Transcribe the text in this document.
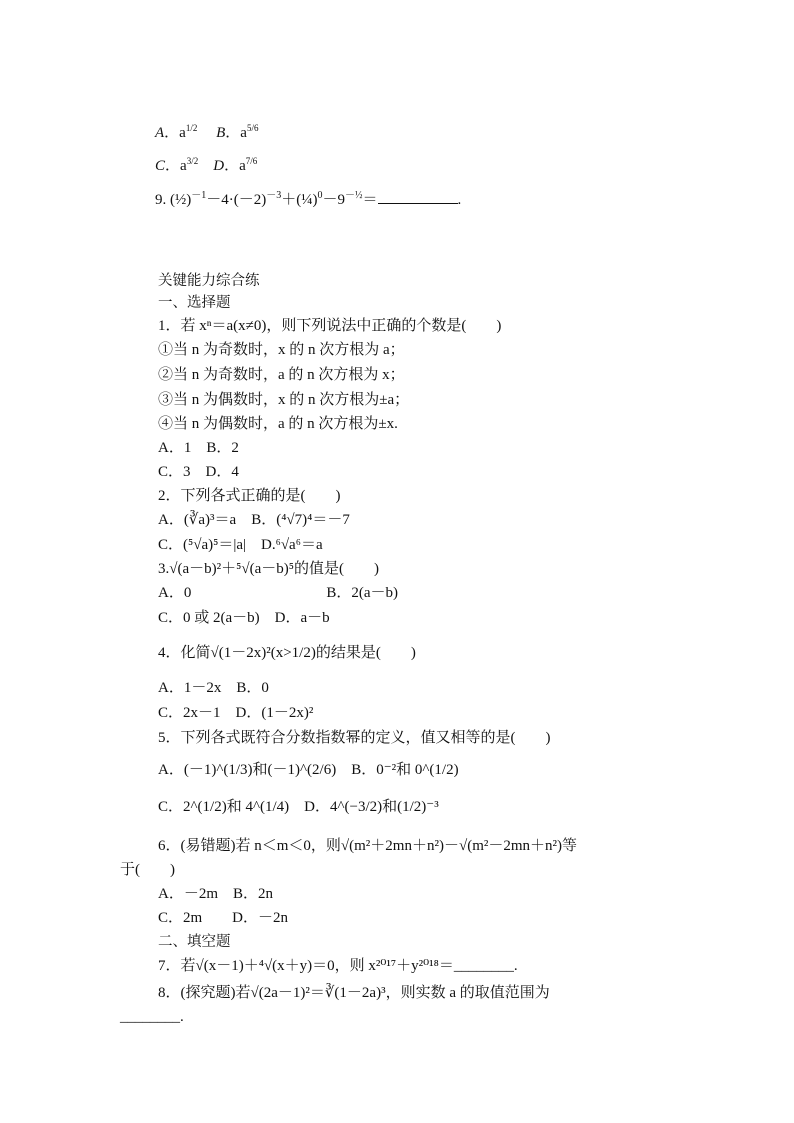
A．$a^{1/2}$　 B．$a^{5/6}$
C．$a^{3/2}$　 D．$a^{7/6}$
9. $(\frac{1}{2})^{-1}-4\cdot(-2)^{-3}+(\frac{1}{4})^0-9^{-\frac{1}{2}}=$	.
关键能力综合练
一、选择题
1．若 xⁿ＝a(x≠0)，则下列说法中正确的个数是(　　)
①当 n 为奇数时，x 的 n 次方根为 a；
②当 n 为奇数时，a 的 n 次方根为 x；
③当 n 为偶数时，x 的 n 次方根为±a；
④当 n 为偶数时，a 的 n 次方根为±x.
A．1　B．2
C．3　D．4
2．下列各式正确的是(　　)
A．(∛a)³＝a　B．(⁴√7)⁴＝－7
C．(⁵√a)⁵＝|a|　D.⁶√a⁶＝a
3.√(a－b)²＋⁵√(a－b)⁵的值是(　　)
A．0　　　　　　　　　B．2(a－b)
C．0 或 2(a－b)　D．a－b
4．化简√(1－2x)²(x>1/2)的结果是(　　)
A．1－2x　B．0
C．2x－1　D．(1－2x)²
5．下列各式既符合分数指数幂的定义，值又相等的是(　　)
A．(－1)^(1/3)和(－1)^(2/6)　B．0⁻²和 0^(1/2)
C．2^(1/2)和 4^(1/4)　D．4^(−3/2)和(1/2)⁻³
6．(易错题)若 n＜m＜0，则√(m²＋2mn＋n²)－√(m²－2mn＋n²)等
于(　　)
A．－2m　B．2n
C．2m　　D．－2n
二、填空题
7．若√(x－1)＋⁴√(x＋y)＝0，则 x²⁰¹⁷＋y²⁰¹⁸＝________.
8．(探究题)若√(2a－1)²＝∛(1－2a)³，则实数 a 的取值范围为
________.
